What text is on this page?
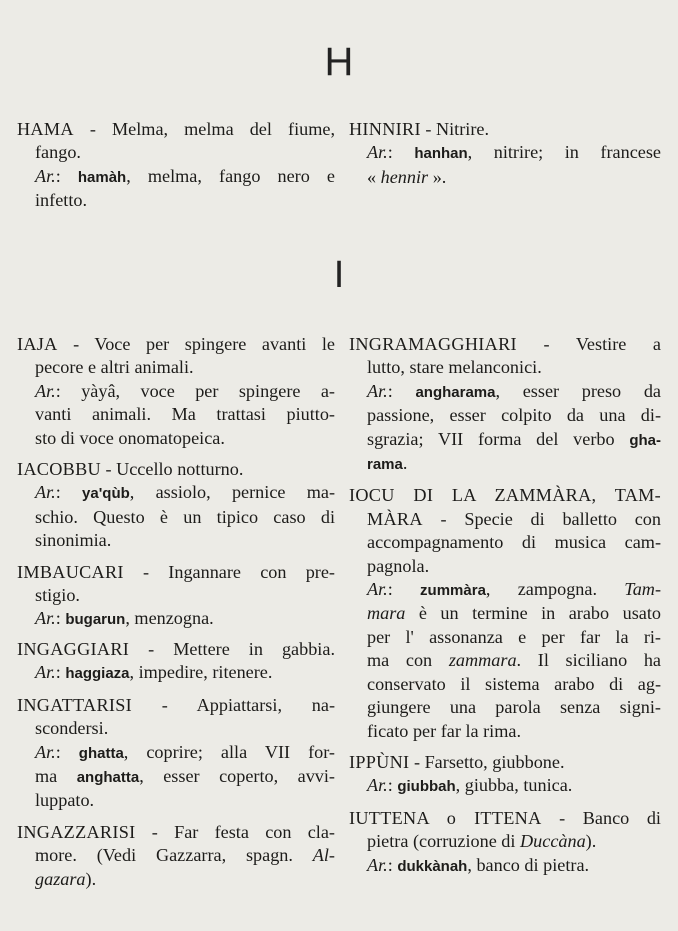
H
HAMA - Melma, melma del fiume,
fango.
Ar.: hamàh, melma, fango nero e
infetto.
HINNIRI - Nitrire.
Ar.: hanhan, nitrire; in francese
« hennir ».
I
IAJA - Voce per spingere avanti le
pecore e altri animali.
Ar.: yàyâ, voce per spingere a-
vanti animali. Ma trattasi piutto-
sto di voce onomatopeica.
IACOBBU - Uccello notturno.
Ar.: ya'qùb, assiolo, pernice ma-
schio. Questo è un tipico caso di
sinonimia.
IMBAUCARI - Ingannare con pre-
stigio.
Ar.: bugarun, menzogna.
INGAGGIARI - Mettere in gabbia.
Ar.: haggiaza, impedire, ritenere.
INGATTARISI - Appiattarsi, na-
scondersi.
Ar.: ghatta, coprire; alla VII for-
ma anghatta, esser coperto, avvi-
luppato.
INGAZZARISI - Far festa con cla-
more. (Vedi Gazzarra, spagn. Al-
gazara).
INGRAMAGGHIARI - Vestire a
lutto, stare melanconici.
Ar.: angharama, esser preso da
passione, esser colpito da una di-
sgrazia; VII forma del verbo gha-
rama.
IOCU DI LA ZAMMÀRA, TAM-
MÀRA - Specie di balletto con
accompagnamento di musica cam-
pagnola.
Ar.: zummàra, zampogna. Tam-
mara è un termine in arabo usato
per l' assonanza e per far la ri-
ma con zammara. Il siciliano ha
conservato il sistema arabo di ag-
giungere una parola senza signi-
ficato per far la rima.
IPPÙNI - Farsetto, giubbone.
Ar.: giubbah, giubba, tunica.
IUTTENA o ITTENA - Banco di
pietra (corruzione di Duccàna).
Ar.: dukkànah, banco di pietra.
